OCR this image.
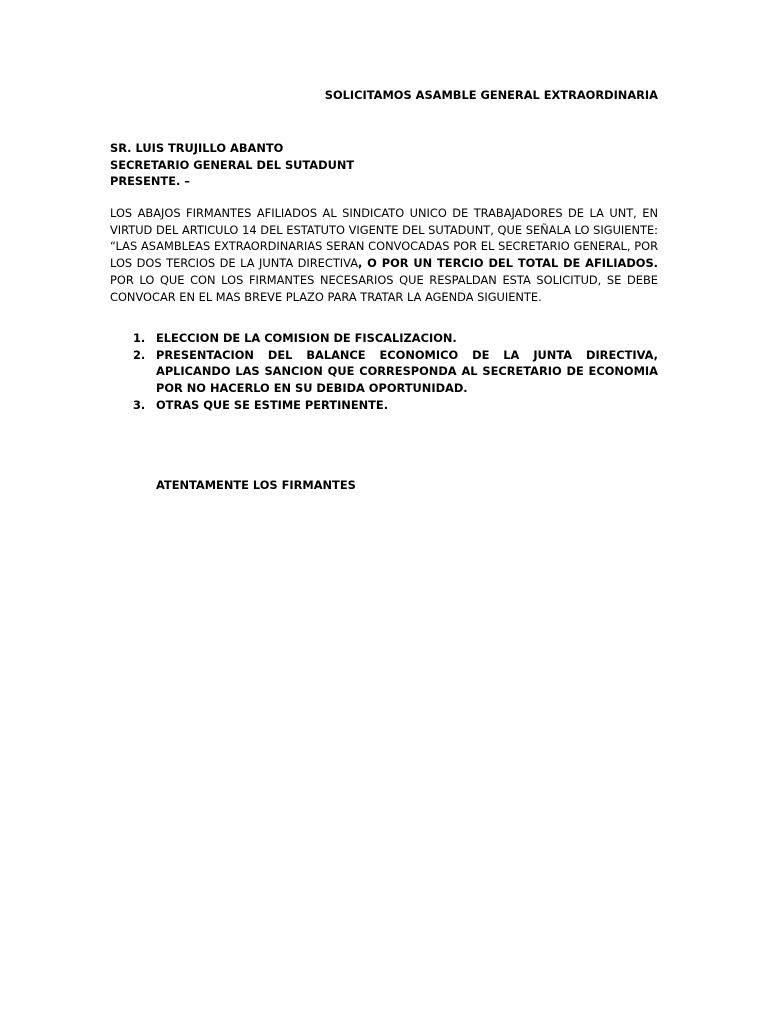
SOLICITAMOS ASAMBLE GENERAL EXTRAORDINARIA
SR. LUIS TRUJILLO ABANTO
SECRETARIO GENERAL DEL SUTADUNT
PRESENTE. –

LOS ABAJOS FIRMANTES AFILIADOS AL SINDICATO UNICO DE TRABAJADORES DE LA UNT, EN VIRTUD DEL ARTICULO 14 DEL ESTATUTO VIGENTE DEL SUTADUNT, QUE SEÑALA LO SIGUIENTE: “LAS ASAMBLEAS EXTRAORDINARIAS SERAN CONVOCADAS POR EL SECRETARIO GENERAL, POR LOS DOS TERCIOS DE LA JUNTA DIRECTIVA, O POR UN TERCIO DEL TOTAL DE AFILIADOS. POR LO QUE CON LOS FIRMANTES NECESARIOS QUE RESPALDAN ESTA SOLICITUD, SE DEBE CONVOCAR EN EL MAS BREVE PLAZO PARA TRATAR LA AGENDA SIGUIENTE.

1. ELECCION DE LA COMISION DE FISCALIZACION.
2. PRESENTACION DEL BALANCE ECONOMICO DE LA JUNTA DIRECTIVA, APLICANDO LAS SANCION QUE CORRESPONDA AL SECRETARIO DE ECONOMIA POR NO HACERLO EN SU DEBIDA OPORTUNIDAD.
3. OTRAS QUE SE ESTIME PERTINENTE.
ATENTAMENTE LOS FIRMANTES
